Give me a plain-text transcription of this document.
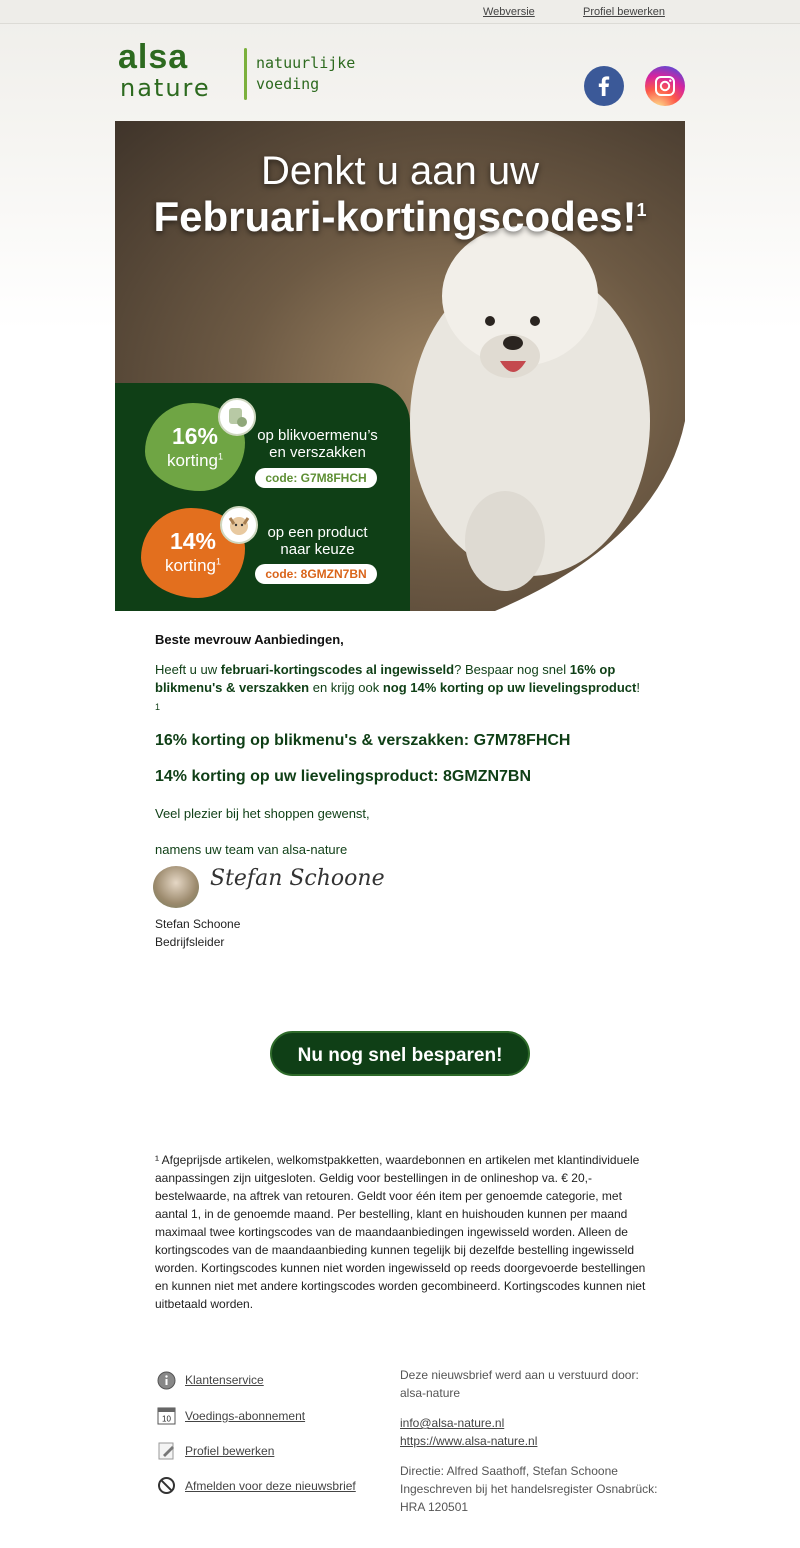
Webversie	Profiel bewerken
alsa
nature
natuurlijke
voeding
Denkt u aan uw
Februari-kortingscodes!$^1$
16%
korting$^1$
op blikvoermenu’s
en verszakken
code: G7M8FHCH
14%
korting$^1$
op een product
naar keuze
code: 8GMZN7BN
Beste mevrouw Aanbiedingen,
Heeft u uw februari-kortingscodes al ingewisseld? Bespaar nog snel 16% op blikmenu's & verszakken en krijg ook nog 14% korting op uw lievelingsproduct!
1
16% korting op blikmenu's & verszakken: G7M78FHCH
14% korting op uw lievelingsproduct: 8GMZN7BN
Veel plezier bij het shoppen gewenst,
namens uw team van alsa-nature
Stefan Schoone
Stefan Schoone
Bedrijfsleider
Nu nog snel besparen!
¹ Afgeprijsde artikelen, welkomstpakketten, waardebonnen en artikelen met klantindividuele aanpassingen zijn uitgesloten. Geldig voor bestellingen in de onlineshop va. € 20,- bestelwaarde, na aftrek van retouren. Geldt voor één item per genoemde categorie, met aantal 1, in de genoemde maand. Per bestelling, klant en huishouden kunnen per maand maximaal twee kortingscodes van de maandaanbiedingen ingewisseld worden. Alleen de kortingscodes van de maandaanbieding kunnen tegelijk bij dezelfde bestelling ingewisseld worden. Kortingscodes kunnen niet worden ingewisseld op reeds doorgevoerde bestellingen en kunnen niet met andere kortingscodes worden gecombineerd. Kortingscodes kunnen niet uitbetaald worden.
Klantenservice
10 Voedings-abonnement
Profiel bewerken
Afmelden voor deze nieuwsbrief
Deze nieuwsbrief werd aan u verstuurd door:
alsa-nature
info@alsa-nature.nl
https://www.alsa-nature.nl
Directie: Alfred Saathoff, Stefan Schoone
Ingeschreven bij het handelsregister Osnabrück:
HRA 120501
